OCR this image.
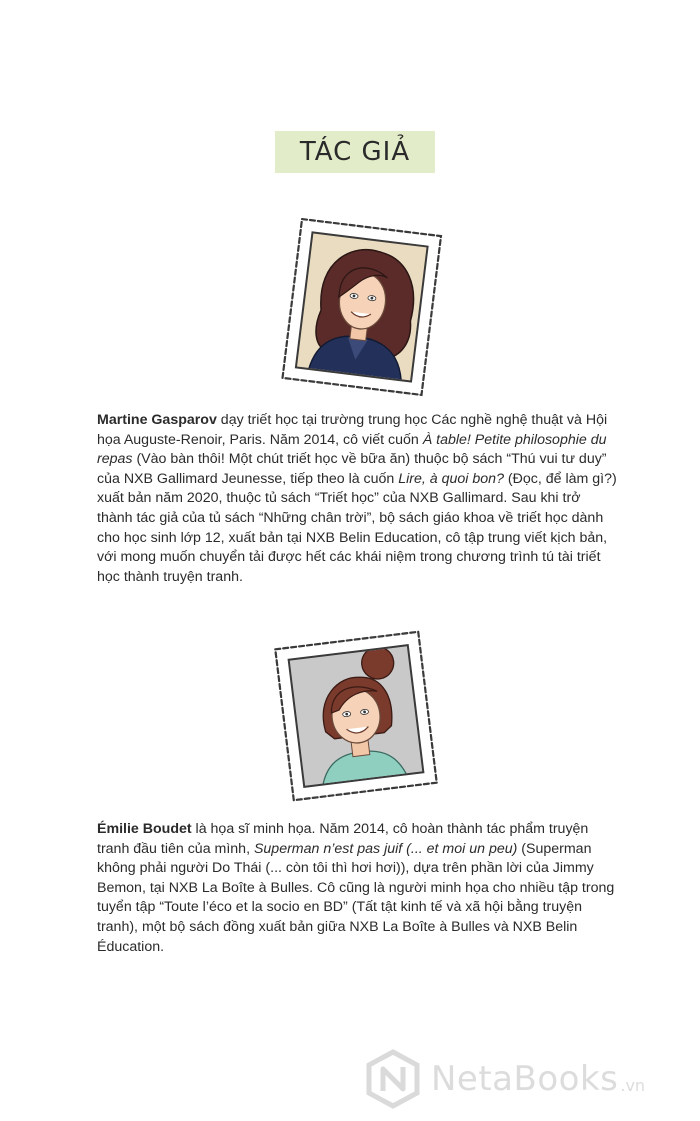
TÁC GIẢ
Martine Gasparov dạy triết học tại trường trung học Các nghề nghệ thuật và Hội họa Auguste-Renoir, Paris. Năm 2014, cô viết cuốn À table! Petite philosophie du repas (Vào bàn thôi! Một chút triết học về bữa ăn) thuộc bộ sách “Thú vui tư duy” của NXB Gallimard Jeunesse, tiếp theo là cuốn Lire, à quoi bon? (Đọc, để làm gì?) xuất bản năm 2020, thuộc tủ sách “Triết học” của NXB Gallimard. Sau khi trở thành tác giả của tủ sách “Những chân trời”, bộ sách giáo khoa về triết học dành cho học sinh lớp 12, xuất bản tại NXB Belin Education, cô tập trung viết kịch bản, với mong muốn chuyển tải được hết các khái niệm trong chương trình tú tài triết học thành truyện tranh.
Émilie Boudet là họa sĩ minh họa. Năm 2014, cô hoàn thành tác phẩm truyện tranh đầu tiên của mình, Superman n’est pas juif (... et moi un peu) (Superman không phải người Do Thái (... còn tôi thì hơi hơi)), dựa trên phần lời của Jimmy Bemon, tại NXB La Boîte à Bulles. Cô cũng là người minh họa cho nhiều tập trong tuyển tập “Toute l’éco et la socio en BD” (Tất tật kinh tế và xã hội bằng truyện tranh), một bộ sách đồng xuất bản giữa NXB La Boîte à Bulles và NXB Belin Éducation.
NetaBooks .vn
